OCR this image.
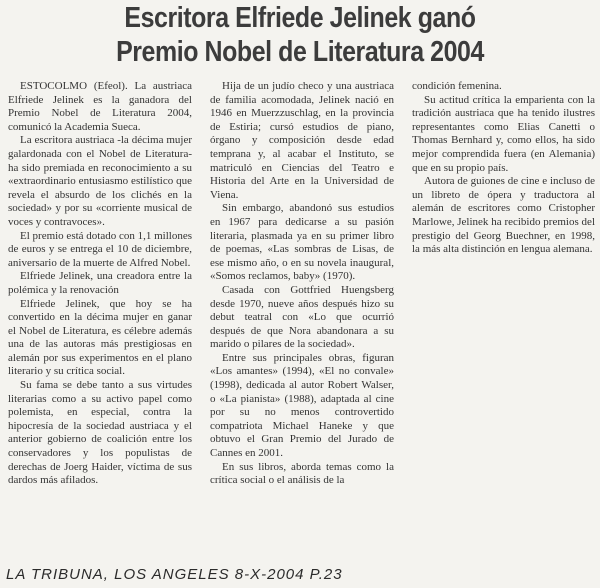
Escritora Elfriede Jelinek ganó
Premio Nobel de Literatura 2004

ESTOCOLMO (Efeol). La austriaca Elfriede Jelinek es la ganadora del Premio Nobel de Literatura 2004, comunicó la Academia Sueca.

La escritora austriaca -la décima mujer galardonada con el Nobel de Literatura- ha sido premiada en reconocimiento a su «extraordinario entusiasmo estilístico que revela el absurdo de los clichés en la sociedad» y por su «corriente musical de voces y contravoces».

El premio está dotado con 1,1 millones de euros y se entrega el 10 de diciembre, aniversario de la muerte de Alfred Nobel.

Elfriede Jelinek, una creadora entre la polémica y la renovación

Elfriede Jelinek, que hoy se ha convertido en la décima mujer en ganar el Nobel de Literatura, es célebre además una de las autoras más prestigiosas en alemán por sus experimentos en el plano literario y su crítica social.

Su fama se debe tanto a sus virtudes literarias como a su activo papel como polemista, en especial, contra la hipocresía de la sociedad austriaca y el anterior gobierno de coalición entre los conservadores y los populistas de derechas de Joerg Haider, víctima de sus dardos más afilados.

Hija de un judío checo y una austriaca de familia acomodada, Jelinek nació en 1946 en Muerzzuschlag, en la provincia de Estiria; cursó estudios de piano, órgano y composición desde edad temprana y, al acabar el Instituto, se matriculó en Ciencias del Teatro e Historia del Arte en la Universidad de Viena.

Sin embargo, abandonó sus estudios en 1967 para dedicarse a su pasión literaria, plasmada ya en su primer libro de poemas, «Las sombras de Lisas, de ese mismo año, o en su novela inaugural, «Somos reclamos, baby» (1970).

Casada con Gottfried Huengsberg desde 1970, nueve años después hizo su debut teatral con «Lo que ocurrió después de que Nora abandonara a su marido o pilares de la sociedad».

Entre sus principales obras, figuran «Los amantes» (1994), «El no convale» (1998), dedicada al autor Robert Walser, o «La pianista» (1988), adaptada al cine por su no menos controvertido compatriota Michael Haneke y que obtuvo el Gran Premio del Jurado de Cannes en 2001.

En sus libros, aborda temas como la crítica social o el análisis de la

condición femenina.

Su actitud crítica la emparienta con la tradición austriaca que ha tenido ilustres representantes como Elias Canetti o Thomas Bernhard y, como ellos, ha sido mejor comprendida fuera (en Alemania) que en su propio país.

Autora de guiones de cine e incluso de un libreto de ópera y traductora al alemán de escritores como Cristopher Marlowe, Jelinek ha recibido premios del prestigio del Georg Buechner, en 1998, la más alta distinción en lengua alemana.

LA TRIBUNA, LOS ANGELES 8-X-2004 P.23
